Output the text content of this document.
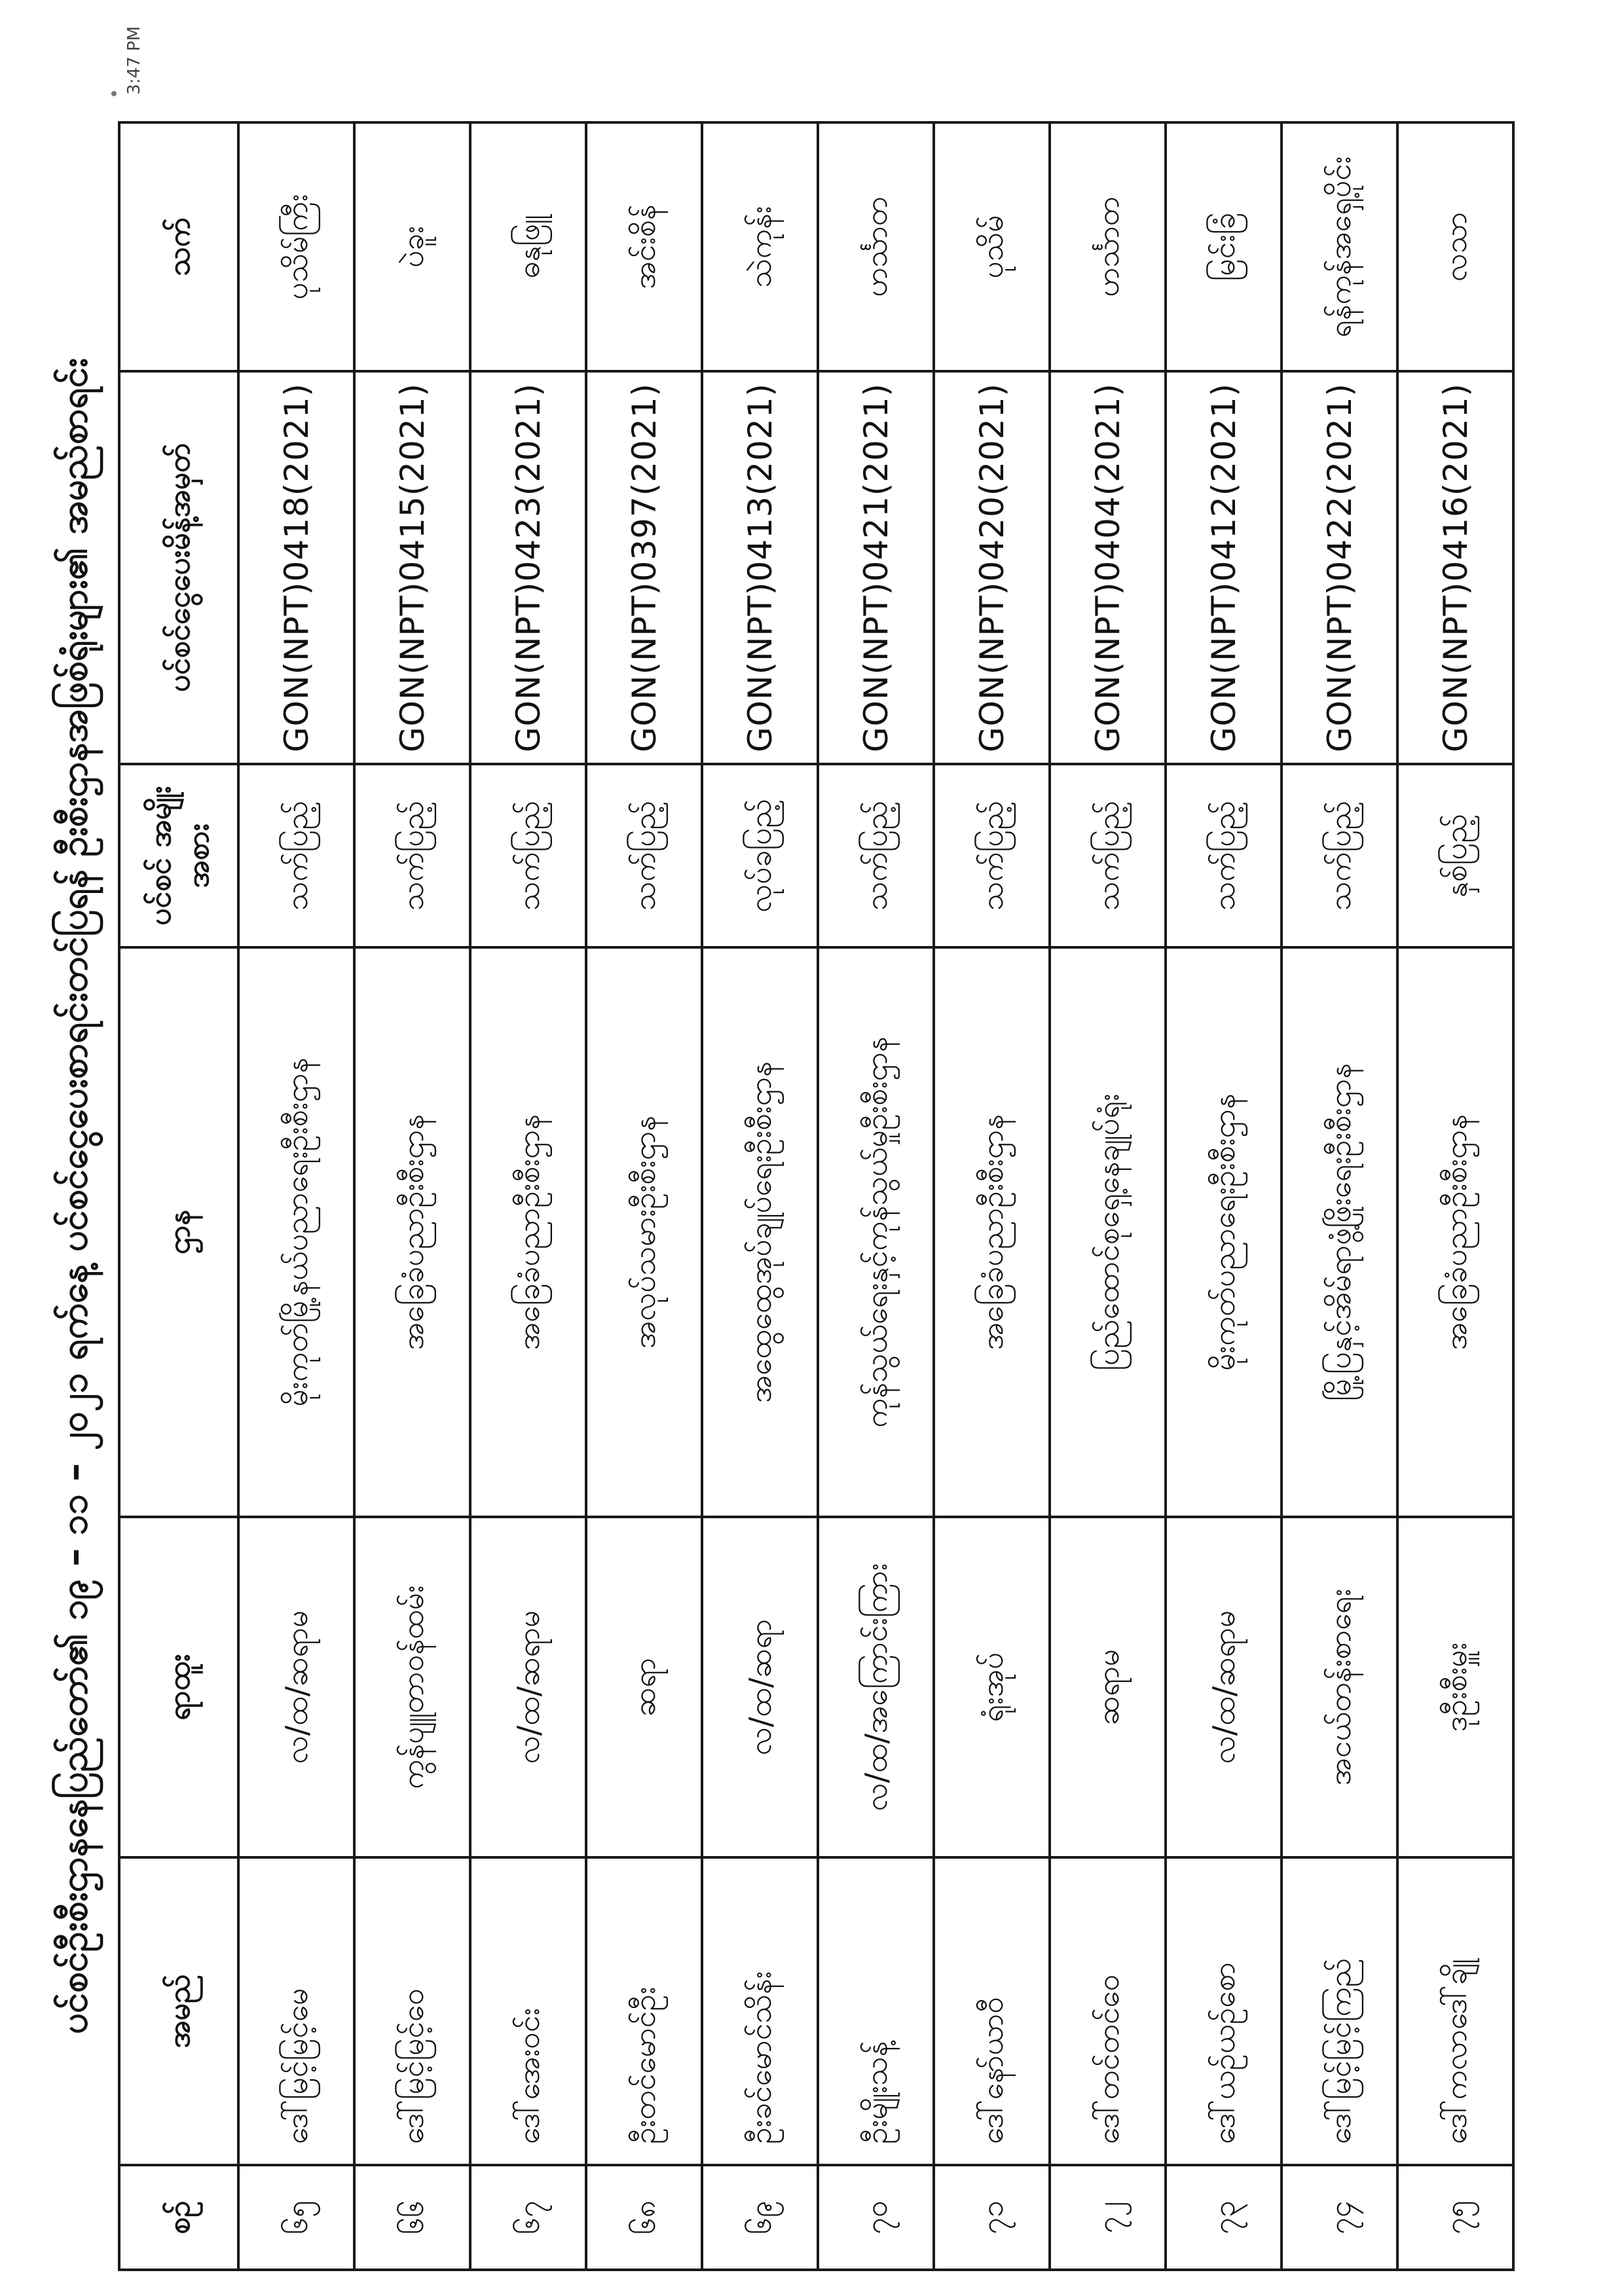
ပင်စင်ဦးစီးဌာနနေပြည်တော်၏ ၁၉ – ၁၁ – ၂၀၂၁ ရက်နေ့ ပင်စင်ငွေပေးစာရင်းတင်ပြရန် ဦးစီးဌာနအဖြစ်ရုံးများ၏ အမည်စာရင်း
စဉ်	အမည်	ရာထူး	ဌာန	ပင်စင် အမျိုးအစား	ပင်စင်ငွေပေးမိန့်အမှတ်	သက်
၆၅	ဒေါ်မြင့်မြင့်မေ	လ/ထ/ဆရာမ	မိုးကုတ်မြို့နယ်ပညာရေးဦးစီးဌာန	သက်ပြည့်	GON(NPT)0418(2021)	ပုသိမ်ကြီး
၆၆	ဒေါ်မြင့်မြင့်ဝေ	ကွန်ပျူတာဝန်ထမ်း	အခြေခံပညာဦးစီးဌာန	သက်ပြည့်	GON(NPT)0415(2021)	ပဲခူး
၆၇	ဒေါ်အေးဝင်း	လ/ထ/ဆရာမ	အခြေခံပညာဦးစီးဌာန	သက်ပြည့်	GON(NPT)0423(2021)	ဓနုဖြူ
၆၈	ဦးတင်မောင်ဦး	ဆရာ	အလုပ်သမားဦးစီးဌာန	သက်ပြည့်	GON(NPT)0397(2021)	အင်းစိန်
၆၉	ဦးခင်မောင်သိန်း	လ/ထ/ဆရာ	အထွေထွေအုပ်ချုပ်ရေးဦးစီးဌာန	လုပ်ခပြည့်	GON(NPT)0413(2021)	သဲကုန်း
၇၀	ဦးမျိုးသန့်	လ/ထ/အကြောင်းကြား	ကုန်သွယ်ရေးနှင့်ကုန်သွယ်မှုဦးစီးဌာန	သက်ပြည့်	GON(NPT)0421(2021)	ဟင်္သာတ
၇၁	ဒေါ်နော်ယာဝီ	ရုံးအုပ်	အခြေခံပညာဦးစီးဌာန	သက်ပြည့်	GON(NPT)0420(2021)	ပုသိမ်
၇၂	ဒေါ်တင်တင်ဝေ	ဆရာမ	ပြည်ထောင်စုရှေ့နေချုပ်ရုံး	သက်ပြည့်	GON(NPT)0404(2021)	ဟင်္သာတ
၇၃	ဒေါ်ယဉ်ယဉ်စော	လ/ထ/ဆရာမ	မိုးကုတ်ပညာရေးဦးစီးဌာန	သက်ပြည့်	GON(NPT)0412(2021)	မြင်းခြံ
၇၄	ဒေါ်မြင့်မြင့်ကြည်	အငယ်တန်းစာရေး	မြို့ပြနှင့်အိမ်ရာဖွံ့ဖြိုးရေးဦးစီးဌာန	သက်ပြည့်	GON(NPT)0422(2021)	ရန်ကုန်အရှေ့ပိုင်း
၇၅	ဒေါ်ကလာဒေါ်ချို	ဒုဦးစီးမှူး	အခြေခံပညာဦးစီးဌာန	နှစ်ပြည့်	GON(NPT)0416(2021)	လသာ
3:47 PM
